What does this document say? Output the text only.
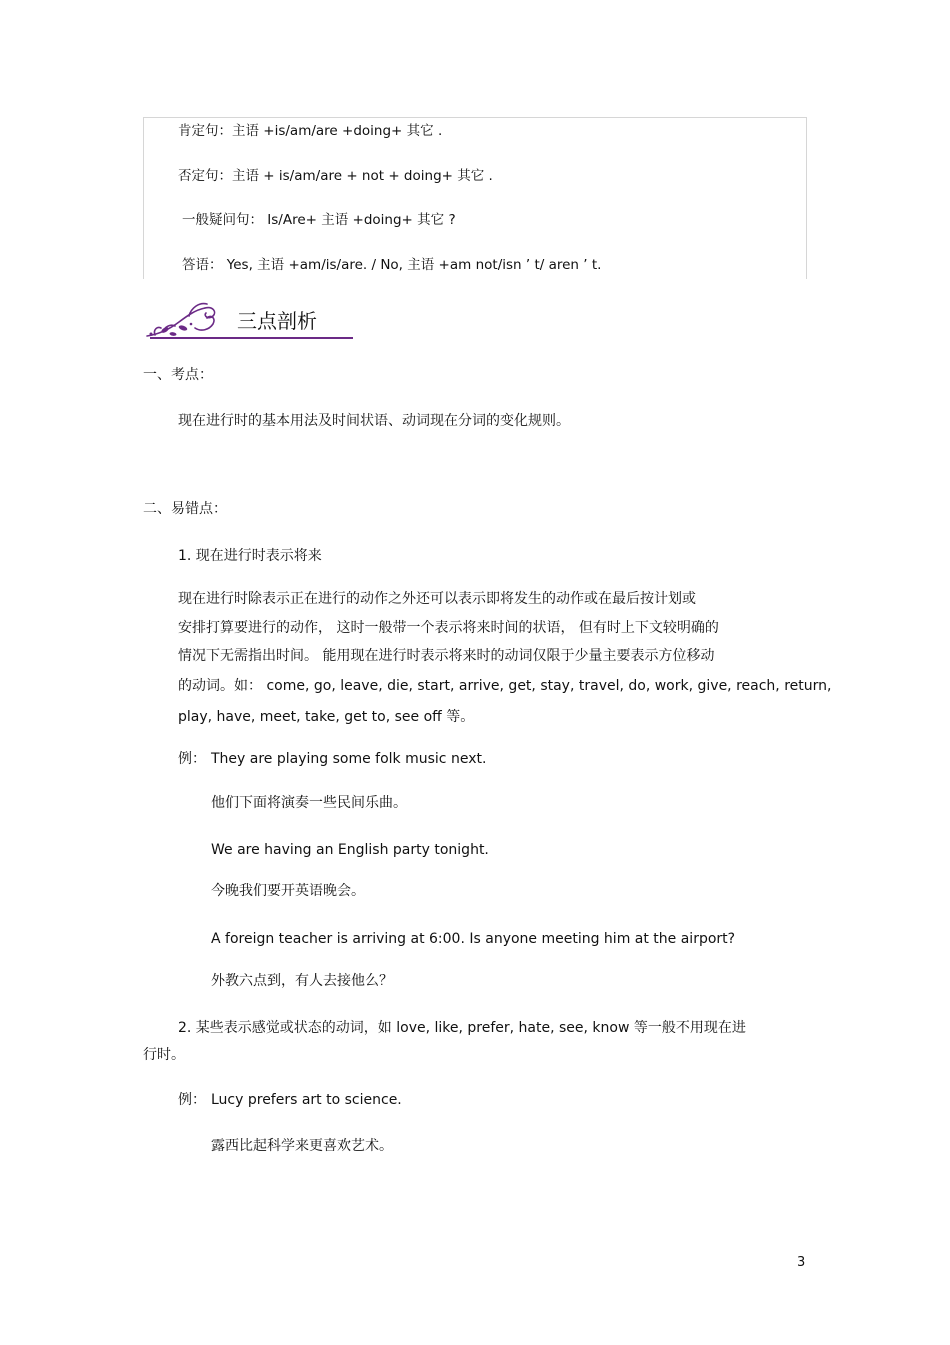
肯定句：主语 +is/am/are +doing+ 其它 .
否定句：主语 + is/am/are + not + doing+ 其它 .
一般疑问句： Is/Are+ 主语 +doing+ 其它 ?
答语： Yes, 主语 +am/is/are. / No, 主语 +am not/isn ’ t/ aren ’ t.
三点剖析
一、考点：
现在进行时的基本用法及时间状语、动词现在分词的变化规则。
二、易错点：
1. 现在进行时表示将来
现在进行时除表示正在进行的动作之外还可以表示即将发生的动作或在最后按计划或
安排打算要进行的动作， 这时一般带一个表示将来时间的状语， 但有时上下文较明确的
情况下无需指出时间。 能用现在进行时表示将来时的动词仅限于少量主要表示方位移动
的动词。如： come, go, leave, die, start, arrive, get, stay, travel, do, work, give, reach, return,
play, have, meet, take, get to, see off 等。
例： They are playing some folk music next.
他们下面将演奏一些民间乐曲。
We are having an English party tonight.
今晚我们要开英语晚会。
A foreign teacher is arriving at 6:00. Is anyone meeting him at the airport?
外教六点到，有人去接他么？
2. 某些表示感觉或状态的动词，如 love, like, prefer, hate, see, know 等一般不用现在进
行时。
例： Lucy prefers art to science.
露西比起科学来更喜欢艺术。
3
